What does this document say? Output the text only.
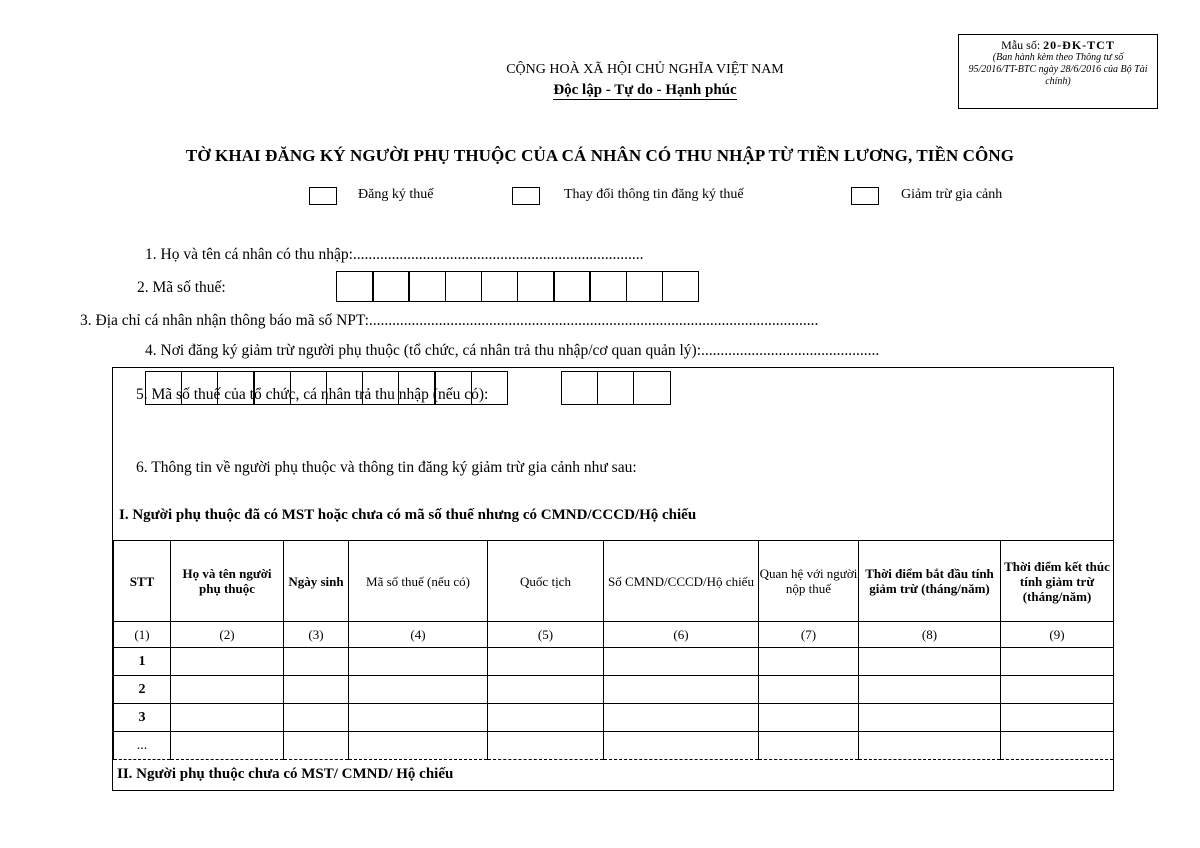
Mẫu số: 20-ĐK-TCT
(Ban hành kèm theo Thông tư số 95/2016/TT-BTC ngày 28/6/2016 của Bộ Tài chính)
CỘNG HOÀ XÃ HỘI CHỦ NGHĨA VIỆT NAM
Độc lập - Tự do - Hạnh phúc
TỜ KHAI ĐĂNG KÝ NGƯỜI PHỤ THUỘC CỦA CÁ NHÂN CÓ THU NHẬP TỪ TIỀN LƯƠNG, TIỀN CÔNG
Đăng ký thuế	Thay đổi thông tin đăng ký thuế	Giảm trừ gia cảnh
1. Họ và tên cá nhân có thu nhập:...........................................................................
2. Mã số thuế:
3. Địa chỉ cá nhân nhận thông báo mã số NPT:....................................................................................................................
4. Nơi đăng ký giảm trừ người phụ thuộc (tổ chức, cá nhân trả thu nhập/cơ quan quản lý):..............................................
5. Mã số thuế của tổ chức, cá nhân trả thu nhập (nếu có):
6. Thông tin về người phụ thuộc và thông tin đăng ký giảm trừ gia cảnh như sau:
I. Người phụ thuộc đã có MST hoặc chưa có mã số thuế nhưng có CMND/CCCD/Hộ chiếu
STT	Họ và tên người phụ thuộc	Ngày sinh	Mã số thuế (nếu có)	Quốc tịch	Số CMND/CCCD/Hộ chiếu	Quan hệ với người nộp thuế	Thời điểm bắt đầu tính giảm trừ (tháng/năm)	Thời điểm kết thúc tính giảm trừ (tháng/năm)
(1)	(2)	(3)	(4)	(5)	(6)	(7)	(8)	(9)
1								
2								
3								
...								
II. Người phụ thuộc chưa có MST/ CMND/ Hộ chiếu
